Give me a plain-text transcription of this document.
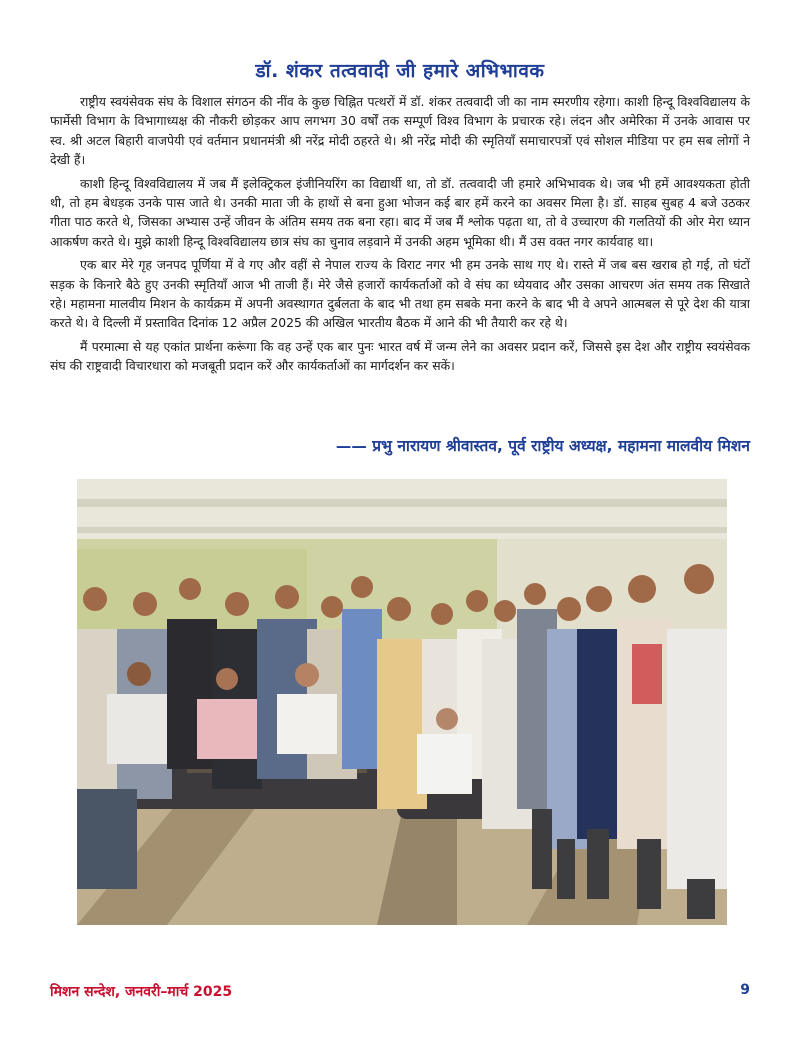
डॉ. शंकर तत्ववादी जी हमारे अभिभावक

राष्ट्रीय स्वयंसेवक संघ के विशाल संगठन की नींव के कुछ चिह्नित पत्थरों में डॉ. शंकर तत्ववादी जी का नाम स्मरणीय रहेगा। काशी हिन्दू विश्वविद्यालय के फार्मेसी विभाग के विभागाध्यक्ष की नौकरी छोड़कर आप लगभग 30 वर्षों तक सम्पूर्ण विश्व विभाग के प्रचारक रहे। लंदन और अमेरिका में उनके आवास पर स्व. श्री अटल बिहारी वाजपेयी एवं वर्तमान प्रधानमंत्री श्री नरेंद्र मोदी ठहरते थे। श्री नरेंद्र मोदी की स्मृतियाँ समाचारपत्रों एवं सोशल मीडिया पर हम सब लोगों ने देखी हैं।

काशी हिन्दू विश्वविद्यालय में जब मैं इलेक्ट्रिकल इंजीनियरिंग का विद्यार्थी था, तो डॉ. तत्ववादी जी हमारे अभिभावक थे। जब भी हमें आवश्यकता होती थी, तो हम बेधड़क उनके पास जाते थे। उनकी माता जी के हाथों से बना हुआ भोजन कई बार हमें करने का अवसर मिला है। डॉ. साहब सुबह 4 बजे उठकर गीता पाठ करते थे, जिसका अभ्यास उन्हें जीवन के अंतिम समय तक बना रहा। बाद में जब मैं श्लोक पढ़ता था, तो वे उच्चारण की गलतियों की ओर मेरा ध्यान आकर्षण करते थे। मुझे काशी हिन्दू विश्वविद्यालय छात्र संघ का चुनाव लड़वाने में उनकी अहम भूमिका थी। मैं उस वक्त नगर कार्यवाह था।

एक बार मेरे गृह जनपद पूर्णिया में वे गए और वहीं से नेपाल राज्य के विराट नगर भी हम उनके साथ गए थे। रास्ते में जब बस खराब हो गई, तो घंटों सड़क के किनारे बैठे हुए उनकी स्मृतियाँ आज भी ताजी हैं। मेरे जैसे हजारों कार्यकर्ताओं को वे संघ का ध्येयवाद और उसका आचरण अंत समय तक सिखाते रहे। महामना मालवीय मिशन के कार्यक्रम में अपनी अवस्थागत दुर्बलता के बाद भी तथा हम सबके मना करने के बाद भी वे अपने आत्मबल से पूरे देश की यात्रा करते थे। वे दिल्ली में प्रस्तावित दिनांक 12 अप्रैल 2025 की अखिल भारतीय बैठक में आने की भी तैयारी कर रहे थे।

मैं परमात्मा से यह एकांत प्रार्थना करूंगा कि वह उन्हें एक बार पुनः भारत वर्ष में जन्म लेने का अवसर प्रदान करें, जिससे इस देश और राष्ट्रीय स्वयंसेवक संघ की राष्ट्रवादी विचारधारा को मजबूती प्रदान करें और कार्यकर्ताओं का मार्गदर्शन कर सकें।

—— प्रभु नारायण श्रीवास्तव, पूर्व राष्ट्रीय अध्यक्ष, महामना मालवीय मिशन
मिशन सन्देश, जनवरी–मार्च 2025	9
